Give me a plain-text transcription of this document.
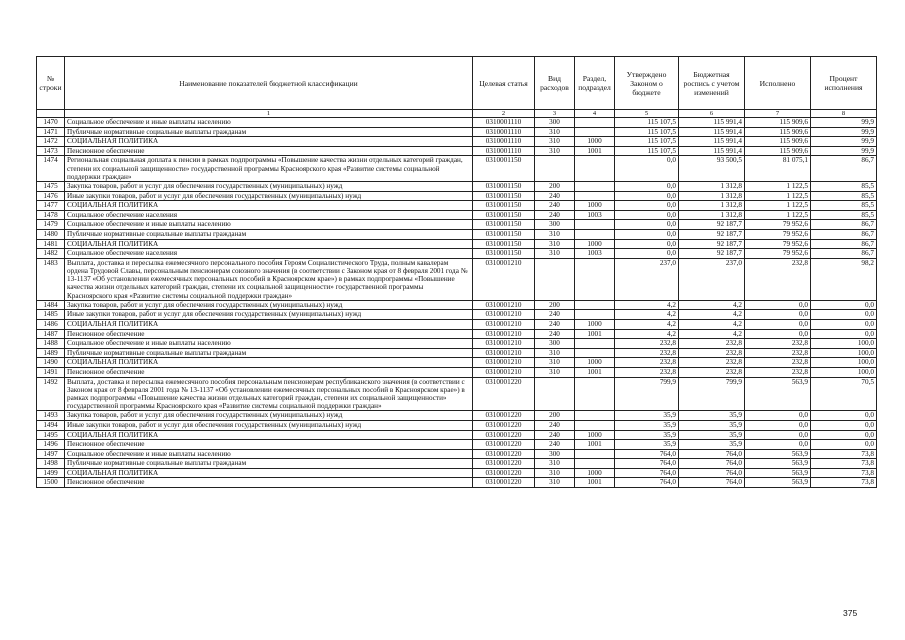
№ строки	Наименование показателей бюджетной классификации	Целевая статья	Вид расходов	Раздел, подраздел	Утверждено Законом о бюджете	Бюджетная роспись с учетом изменений	Исполнено	Процент исполнения
	1	2	3	4	5	6	7	8
1470	Социальное обеспечение и иные выплаты населению	0310001110	300		115 107,5	115 991,4	115 909,6	99,9
1471	Публичные нормативные социальные выплаты гражданам	0310001110	310		115 107,5	115 991,4	115 909,6	99,9
1472	СОЦИАЛЬНАЯ ПОЛИТИКА	0310001110	310	1000	115 107,5	115 991,4	115 909,6	99,9
1473	Пенсионное обеспечение	0310001110	310	1001	115 107,5	115 991,4	115 909,6	99,9
1474	Региональная социальная доплата к пенсии в рамках подпрограммы «Повышение качества жизни отдельных категорий граждан, степени их социальной защищенности» государственной программы Красноярского края «Развитие системы социальной поддержки граждан»	0310001150			0,0	93 500,5	81 075,1	86,7
1475	Закупка товаров, работ и услуг для обеспечения государственных (муниципальных) нужд	0310001150	200		0,0	1 312,8	1 122,5	85,5
1476	Иные закупки товаров, работ и услуг для обеспечения государственных (муниципальных) нужд	0310001150	240		0,0	1 312,8	1 122,5	85,5
1477	СОЦИАЛЬНАЯ ПОЛИТИКА	0310001150	240	1000	0,0	1 312,8	1 122,5	85,5
1478	Социальное обеспечение населения	0310001150	240	1003	0,0	1 312,8	1 122,5	85,5
1479	Социальное обеспечение и иные выплаты населению	0310001150	300		0,0	92 187,7	79 952,6	86,7
1480	Публичные нормативные социальные выплаты гражданам	0310001150	310		0,0	92 187,7	79 952,6	86,7
1481	СОЦИАЛЬНАЯ ПОЛИТИКА	0310001150	310	1000	0,0	92 187,7	79 952,6	86,7
1482	Социальное обеспечение населения	0310001150	310	1003	0,0	92 187,7	79 952,6	86,7
1483	Выплата, доставка и пересылка ежемесячного персонального пособия Героям Социалистического Труда, полным кавалерам ордена Трудовой Славы, персональным пенсионерам союзного значения (в соответствии с Законом края от 8 февраля 2001 года № 13-1137 «Об установлении ежемесячных персональных пособий в Красноярском крае») в рамках подпрограммы «Повышение качества жизни отдельных категорий граждан, степени их социальной защищенности» государственной программы Красноярского края «Развитие системы социальной поддержки граждан»	0310001210			237,0	237,0	232,8	98,2
1484	Закупка товаров, работ и услуг для обеспечения государственных (муниципальных) нужд	0310001210	200		4,2	4,2	0,0	0,0
1485	Иные закупки товаров, работ и услуг для обеспечения государственных (муниципальных) нужд	0310001210	240		4,2	4,2	0,0	0,0
1486	СОЦИАЛЬНАЯ ПОЛИТИКА	0310001210	240	1000	4,2	4,2	0,0	0,0
1487	Пенсионное обеспечение	0310001210	240	1001	4,2	4,2	0,0	0,0
1488	Социальное обеспечение и иные выплаты населению	0310001210	300		232,8	232,8	232,8	100,0
1489	Публичные нормативные социальные выплаты гражданам	0310001210	310		232,8	232,8	232,8	100,0
1490	СОЦИАЛЬНАЯ ПОЛИТИКА	0310001210	310	1000	232,8	232,8	232,8	100,0
1491	Пенсионное обеспечение	0310001210	310	1001	232,8	232,8	232,8	100,0
1492	Выплата, доставка и пересылка ежемесячного пособия персональным пенсионерам республиканского значения (в соответствии с Законом края от 8 февраля 2001 года № 13-1137 «Об установлении ежемесячных персональных пособий в Красноярском крае») в рамках подпрограммы «Повышение качества жизни отдельных категорий граждан, степени их социальной защищенности» государственной программы Красноярского края «Развитие системы социальной поддержки граждан»	0310001220			799,9	799,9	563,9	70,5
1493	Закупка товаров, работ и услуг для обеспечения государственных (муниципальных) нужд	0310001220	200		35,9	35,9	0,0	0,0
1494	Иные закупки товаров, работ и услуг для обеспечения государственных (муниципальных) нужд	0310001220	240		35,9	35,9	0,0	0,0
1495	СОЦИАЛЬНАЯ ПОЛИТИКА	0310001220	240	1000	35,9	35,9	0,0	0,0
1496	Пенсионное обеспечение	0310001220	240	1001	35,9	35,9	0,0	0,0
1497	Социальное обеспечение и иные выплаты населению	0310001220	300		764,0	764,0	563,9	73,8
1498	Публичные нормативные социальные выплаты гражданам	0310001220	310		764,0	764,0	563,9	73,8
1499	СОЦИАЛЬНАЯ ПОЛИТИКА	0310001220	310	1000	764,0	764,0	563,9	73,8
1500	Пенсионное обеспечение	0310001220	310	1001	764,0	764,0	563,9	73,8
375
